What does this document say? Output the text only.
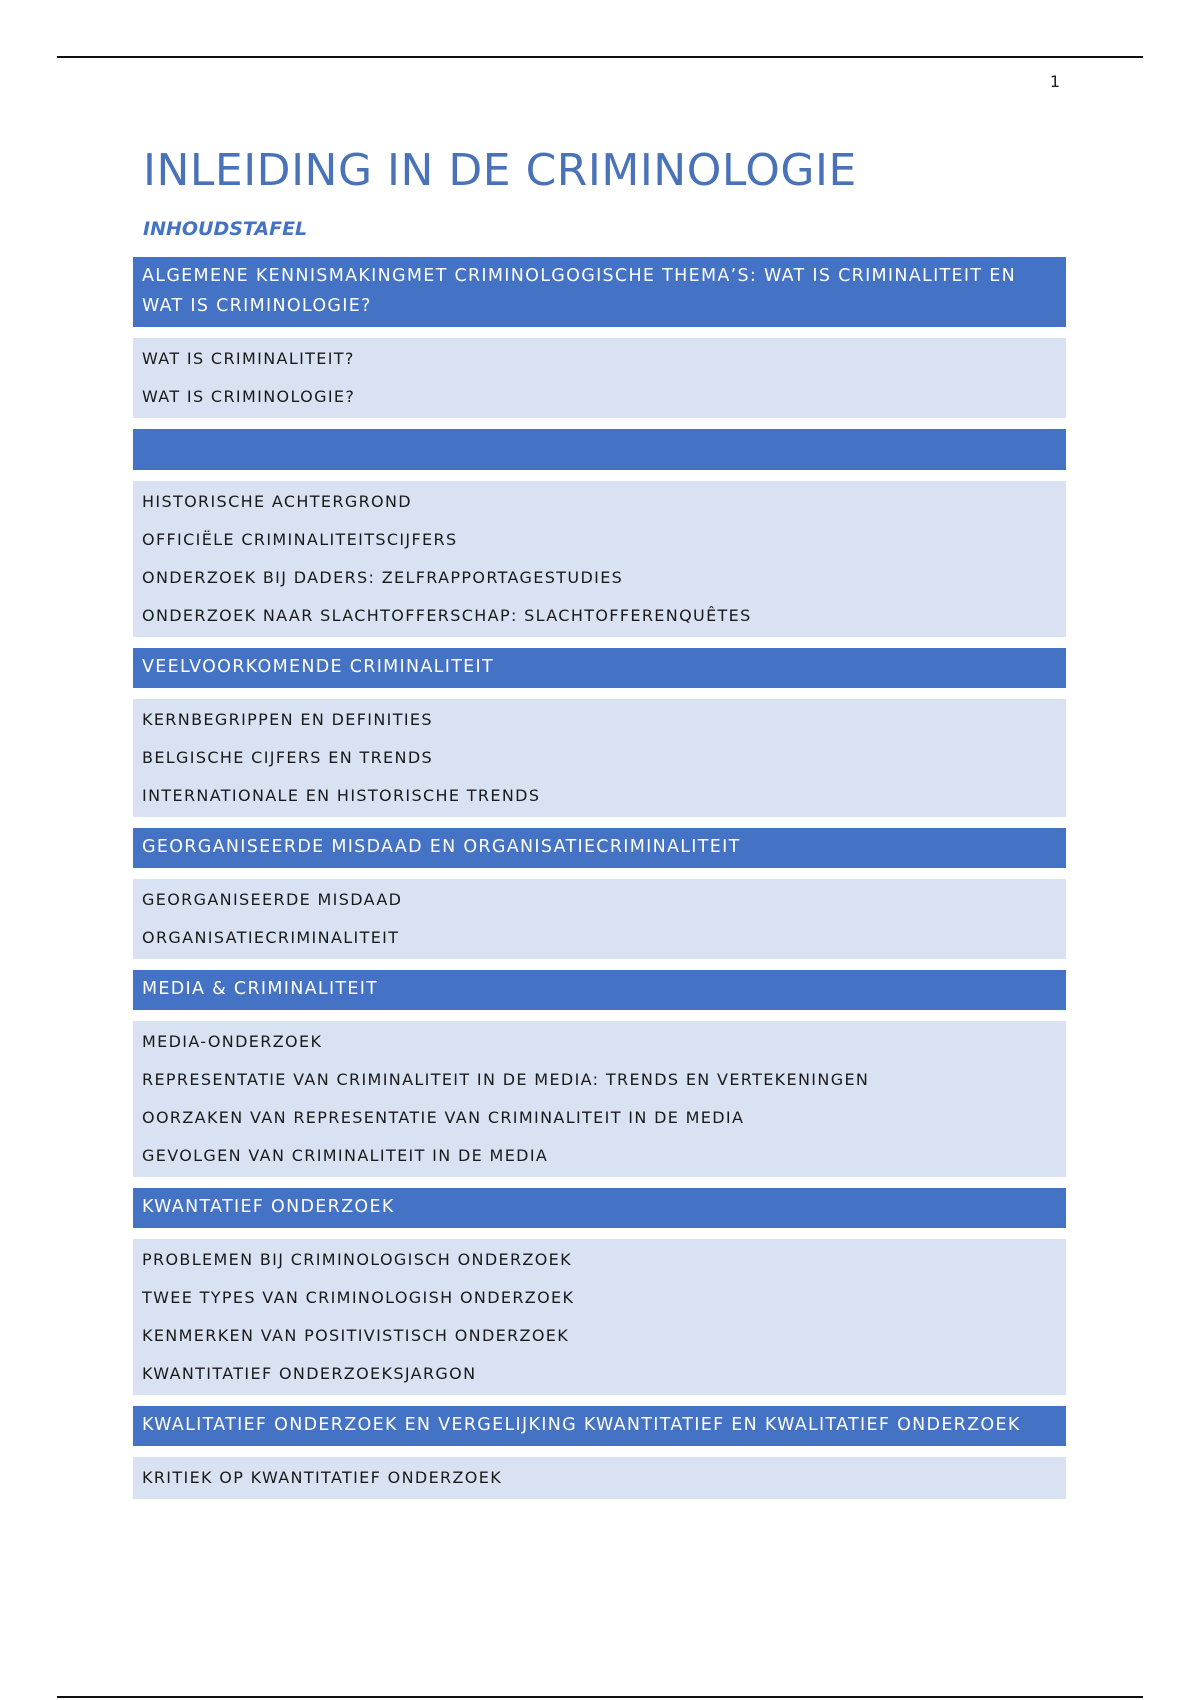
1
INLEIDING IN DE CRIMINOLOGIE
INHOUDSTAFEL
ALGEMENE KENNISMAKINGMET CRIMINOLGOGISCHE THEMA’S: WAT IS CRIMINALITEIT EN WAT IS CRIMINOLOGIE?
WAT IS CRIMINALITEIT?
WAT IS CRIMINOLOGIE?
HISTORISCHE ACHTERGROND
OFFICIËLE CRIMINALITEITSCIJFERS
ONDERZOEK BIJ DADERS: ZELFRAPPORTAGESTUDIES
ONDERZOEK NAAR SLACHTOFFERSCHAP: SLACHTOFFERENQUÊTES
VEELVOORKOMENDE CRIMINALITEIT
KERNBEGRIPPEN EN DEFINITIES
BELGISCHE CIJFERS EN TRENDS
INTERNATIONALE EN HISTORISCHE TRENDS
GEORGANISEERDE MISDAAD EN ORGANISATIECRIMINALITEIT
GEORGANISEERDE MISDAAD
ORGANISATIECRIMINALITEIT
MEDIA & CRIMINALITEIT
MEDIA-ONDERZOEK
REPRESENTATIE VAN CRIMINALITEIT IN DE MEDIA: TRENDS EN VERTEKENINGEN
OORZAKEN VAN REPRESENTATIE VAN CRIMINALITEIT IN DE MEDIA
GEVOLGEN VAN CRIMINALITEIT IN DE MEDIA
KWANTATIEF ONDERZOEK
PROBLEMEN BIJ CRIMINOLOGISCH ONDERZOEK
TWEE TYPES VAN CRIMINOLOGISH ONDERZOEK
KENMERKEN VAN POSITIVISTISCH ONDERZOEK
KWANTITATIEF ONDERZOEKSJARGON
KWALITATIEF ONDERZOEK EN VERGELIJKING KWANTITATIEF EN KWALITATIEF ONDERZOEK
KRITIEK OP KWANTITATIEF ONDERZOEK
